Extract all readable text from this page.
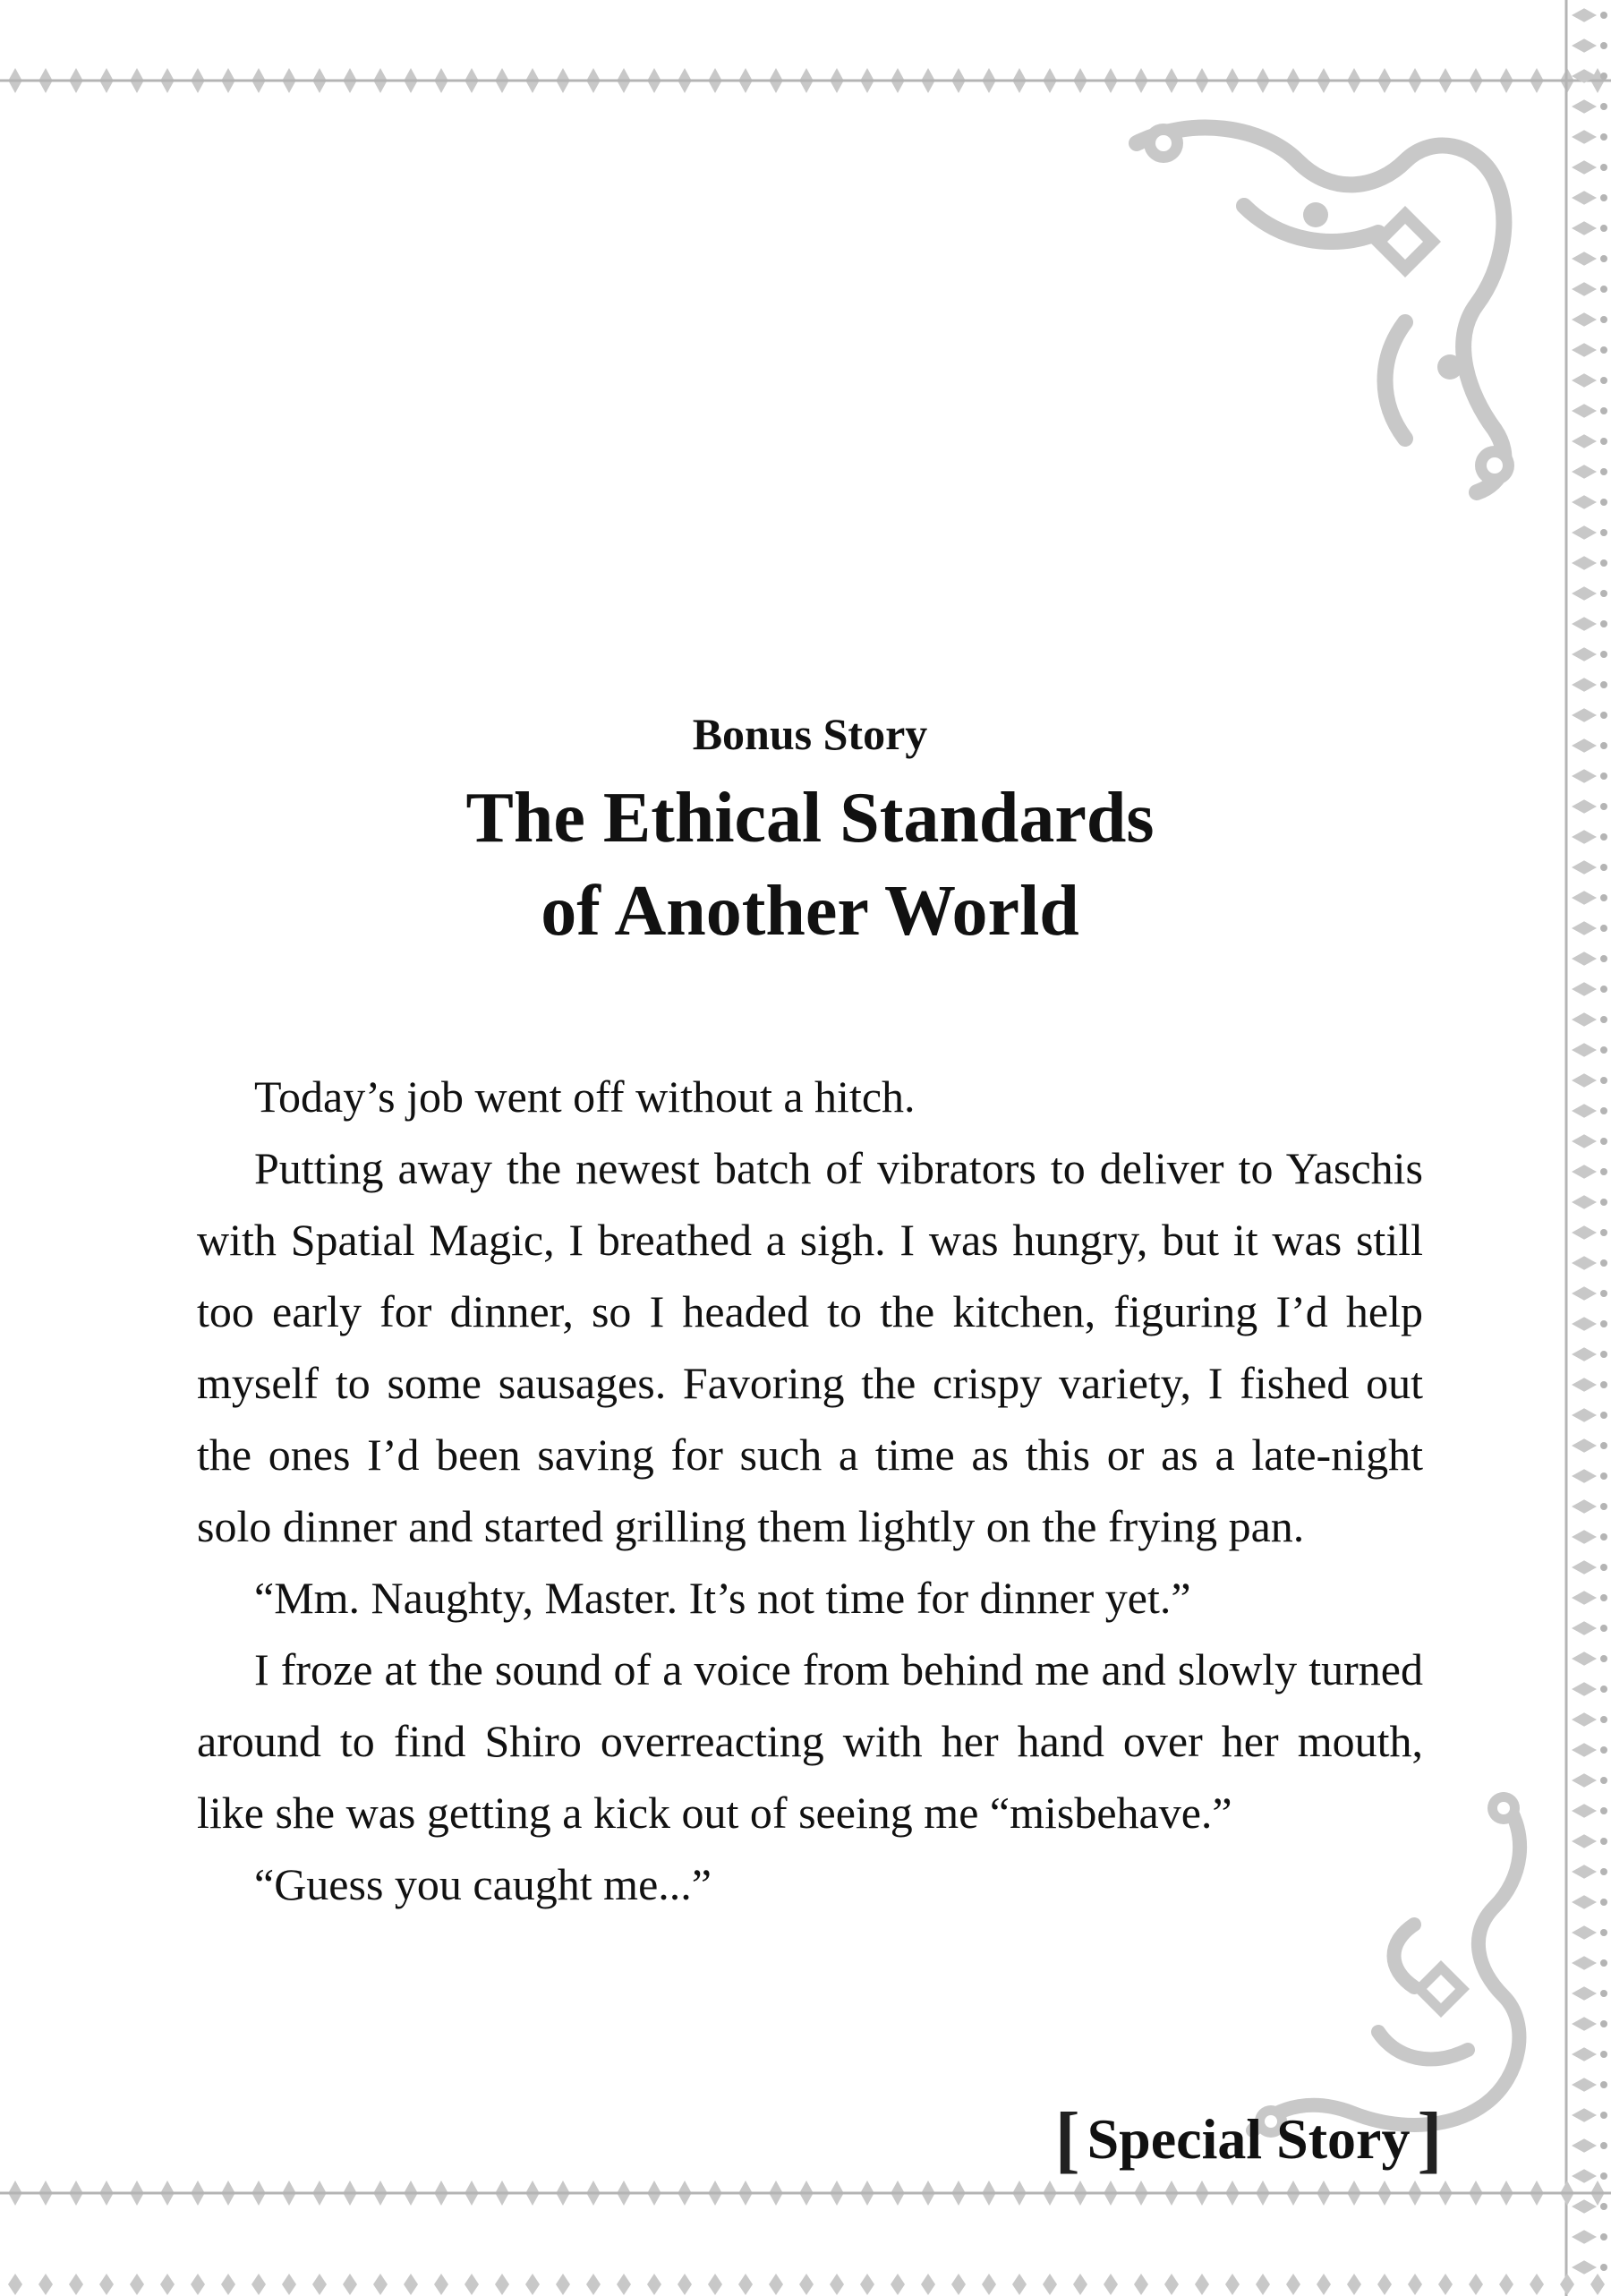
Bonus Story
The Ethical Standards
of Another World

Today’s job went off without a hitch.

Putting away the newest batch of vibrators to deliver to Yaschis with Spatial Magic, I breathed a sigh. I was hungry, but it was still too early for dinner, so I headed to the kitchen, figuring I’d help myself to some sausages. Favoring the crispy variety, I fished out the ones I’d been saving for such a time as this or as a late-night solo dinner and started grilling them lightly on the frying pan.

“Mm. Naughty, Master. It’s not time for dinner yet.”

I froze at the sound of a voice from behind me and slowly turned around to find Shiro overreacting with her hand over her mouth, like she was getting a kick out of seeing me “misbehave.”

“Guess you caught me...”

[ Special Story ]
